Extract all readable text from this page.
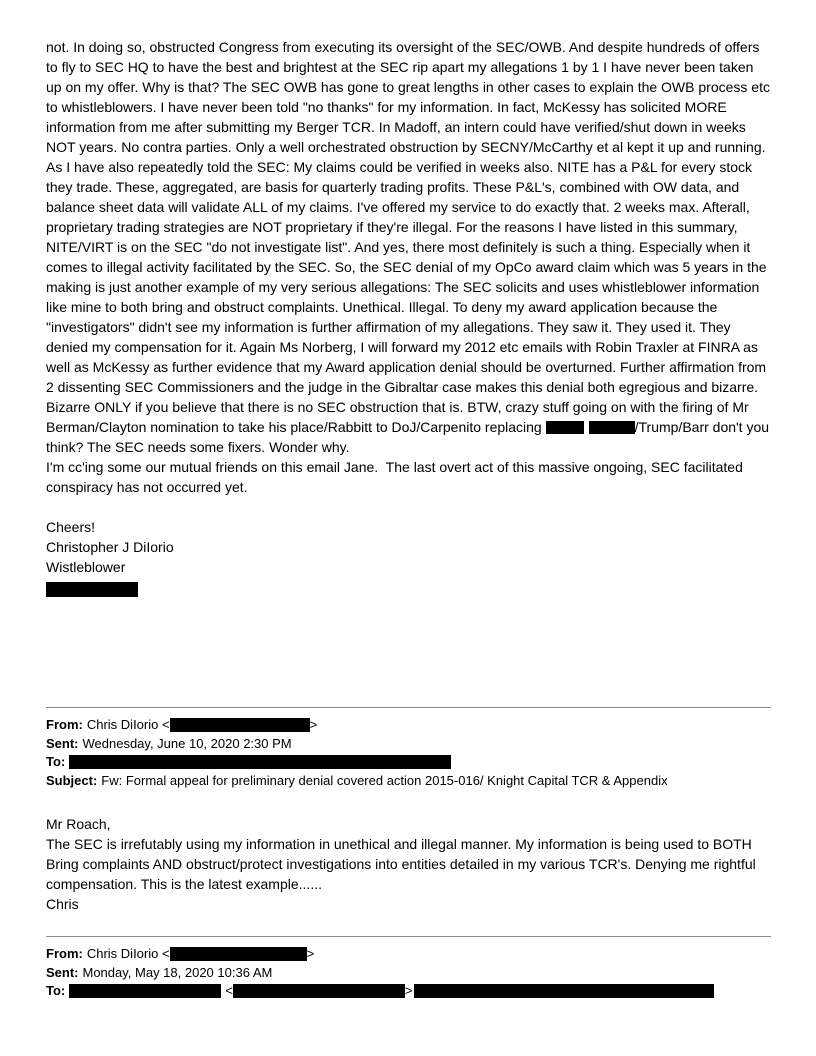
not. In doing so, obstructed Congress from executing its oversight of the SEC/OWB. And despite hundreds of offers to fly to SEC HQ to have the best and brightest at the SEC rip apart my allegations 1 by 1 I have never been taken up on my offer. Why is that? The SEC OWB has gone to great lengths in other cases to explain the OWB process etc to whistleblowers. I have never been told "no thanks" for my information. In fact, McKessy has solicited MORE information from me after submitting my Berger TCR. In Madoff, an intern could have verified/shut down in weeks NOT years. No contra parties. Only a well orchestrated obstruction by SECNY/McCarthy et al kept it up and running. As I have also repeatedly told the SEC: My claims could be verified in weeks also. NITE has a P&L for every stock they trade. These, aggregated, are basis for quarterly trading profits. These P&L's, combined with OW data, and balance sheet data will validate ALL of my claims. I've offered my service to do exactly that. 2 weeks max. Afterall, proprietary trading strategies are NOT proprietary if they're illegal. For the reasons I have listed in this summary, NITE/VIRT is on the SEC "do not investigate list". And yes, there most definitely is such a thing. Especially when it comes to illegal activity facilitated by the SEC. So, the SEC denial of my OpCo award claim which was 5 years in the making is just another example of my very serious allegations: The SEC solicits and uses whistleblower information like mine to both bring and obstruct complaints. Unethical. Illegal. To deny my award application because the "investigators" didn't see my information is further affirmation of my allegations. They saw it. They used it. They denied my compensation for it. Again Ms Norberg, I will forward my 2012 etc emails with Robin Traxler at FINRA as well as McKessy as further evidence that my Award application denial should be overturned. Further affirmation from 2 dissenting SEC Commissioners and the judge in the Gibraltar case makes this denial both egregious and bizarre.   Bizarre ONLY if you believe that there is no SEC obstruction that is. BTW, crazy stuff going on with the firing of Mr Berman/Clayton nomination to take his place/Rabbitt to DoJ/Carpenito replacing	/Trump/Barr don't you think? The SEC needs some fixers. Wonder why.

I'm cc'ing some our mutual friends on this email Jane.  The last overt act of this massive ongoing, SEC facilitated conspiracy has not occurred yet.

Cheers!

Christopher J DiIorio

Wistleblower

From: Chris DiIorio <	>

Sent: Wednesday, June 10, 2020 2:30 PM

To:

Subject: Fw: Formal appeal for preliminary denial covered action 2015-016/ Knight Capital TCR & Appendix

Mr Roach,

The SEC is irrefutably using my information in unethical and illegal manner. My information is being used to BOTH Bring complaints AND obstruct/protect investigations into entities detailed in my various TCR's. Denying me rightful compensation. This is the latest example......

Chris

From: Chris DiIorio <	>

Sent: Monday, May 18, 2020 10:36 AM

To:	<	>
